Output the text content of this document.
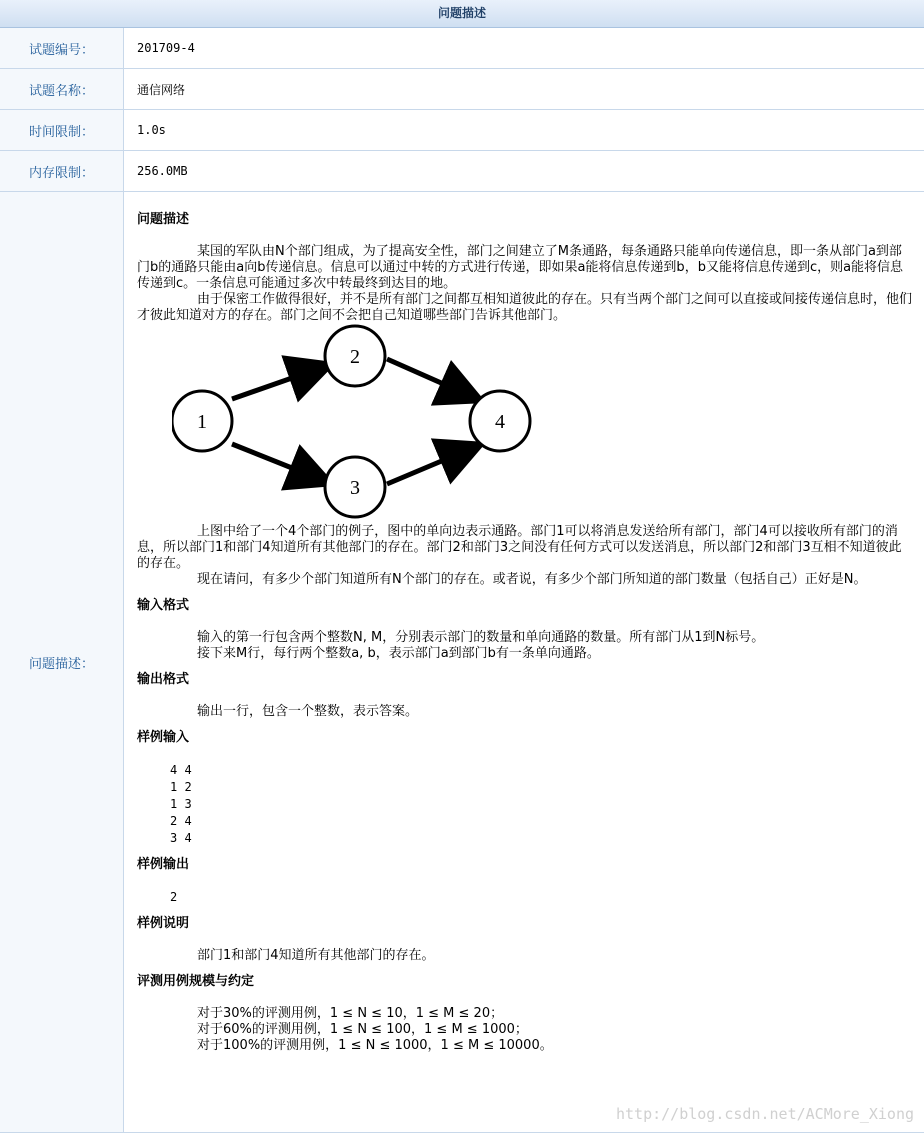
问题描述
试题编号：	201709-4
试题名称：	通信网络
时间限制：	1.0s
内存限制：	256.0MB
问题描述：

问题描述

某国的军队由N个部门组成，为了提高安全性，部门之间建立了M条通路，每条通路只能单向传递信息，即一条从部门a到部门b的通路只能由a向b传递信息。信息可以通过中转的方式进行传递，即如果a能将信息传递到b，b又能将信息传递到c，则a能将信息传递到c。一条信息可能通过多次中转最终到达目的地。

由于保密工作做得很好，并不是所有部门之间都互相知道彼此的存在。只有当两个部门之间可以直接或间接传递信息时，他们才彼此知道对方的存在。部门之间不会把自己知道哪些部门告诉其他部门。

1
2
3
4

上图中给了一个4个部门的例子，图中的单向边表示通路。部门1可以将消息发送给所有部门，部门4可以接收所有部门的消息，所以部门1和部门4知道所有其他部门的存在。部门2和部门3之间没有任何方式可以发送消息，所以部门2和部门3互相不知道彼此的存在。

现在请问，有多少个部门知道所有N个部门的存在。或者说，有多少个部门所知道的部门数量（包括自己）正好是N。

输入格式

输入的第一行包含两个整数N, M，分别表示部门的数量和单向通路的数量。所有部门从1到N标号。

接下来M行，每行两个整数a, b，表示部门a到部门b有一条单向通路。

输出格式

输出一行，包含一个整数，表示答案。

样例输入

4 4
1 2
1 3
2 4
3 4

样例输出

2

样例说明

部门1和部门4知道所有其他部门的存在。

评测用例规模与约定

对于30%的评测用例，1 ≤ N ≤ 10，1 ≤ M ≤ 20；

对于60%的评测用例，1 ≤ N ≤ 100，1 ≤ M ≤ 1000；

对于100%的评测用例，1 ≤ N ≤ 1000，1 ≤ M ≤ 10000。

http://blog.csdn.net/ACMore_Xiong
